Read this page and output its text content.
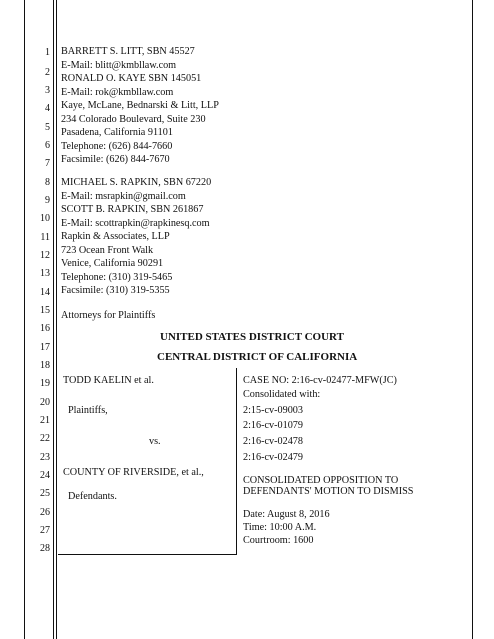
1
2
3
4
5
6
7
8
9
10
11
12
13
14
15
16
17
18
19
20
21
22
23
24
25
26
27
28
BARRETT S. LITT, SBN 45527
E-Mail: blitt@kmbllaw.com
RONALD O. KAYE SBN 145051
E-Mail: rok@kmbllaw.com
Kaye, McLane, Bednarski & Litt, LLP
234 Colorado Boulevard, Suite 230
Pasadena, California 91101
Telephone: (626) 844-7660
Facsimile: (626) 844-7670
MICHAEL S. RAPKIN, SBN 67220
E-Mail: msrapkin@gmail.com
SCOTT B. RAPKIN, SBN 261867
E-Mail: scottrapkin@rapkinesq.com
Rapkin & Associates, LLP
723 Ocean Front Walk
Venice, California 90291
Telephone: (310) 319-5465
Facsimile: (310) 319-5355
Attorneys for Plaintiffs
UNITED STATES DISTRICT COURT
CENTRAL DISTRICT OF CALIFORNIA
TODD KAELIN et al.
Plaintiffs,
vs.
COUNTY OF RIVERSIDE, et al.,
Defendants.
CASE NO: 2:16-cv-02477-MFW(JC)
Consolidated with:
2:15-cv-09003
2:16-cv-01079
2:16-cv-02478
2:16-cv-02479
CONSOLIDATED OPPOSITION TO
DEFENDANTS' MOTION TO DISMISS
Date: August 8, 2016
Time: 10:00 A.M.
Courtroom: 1600
